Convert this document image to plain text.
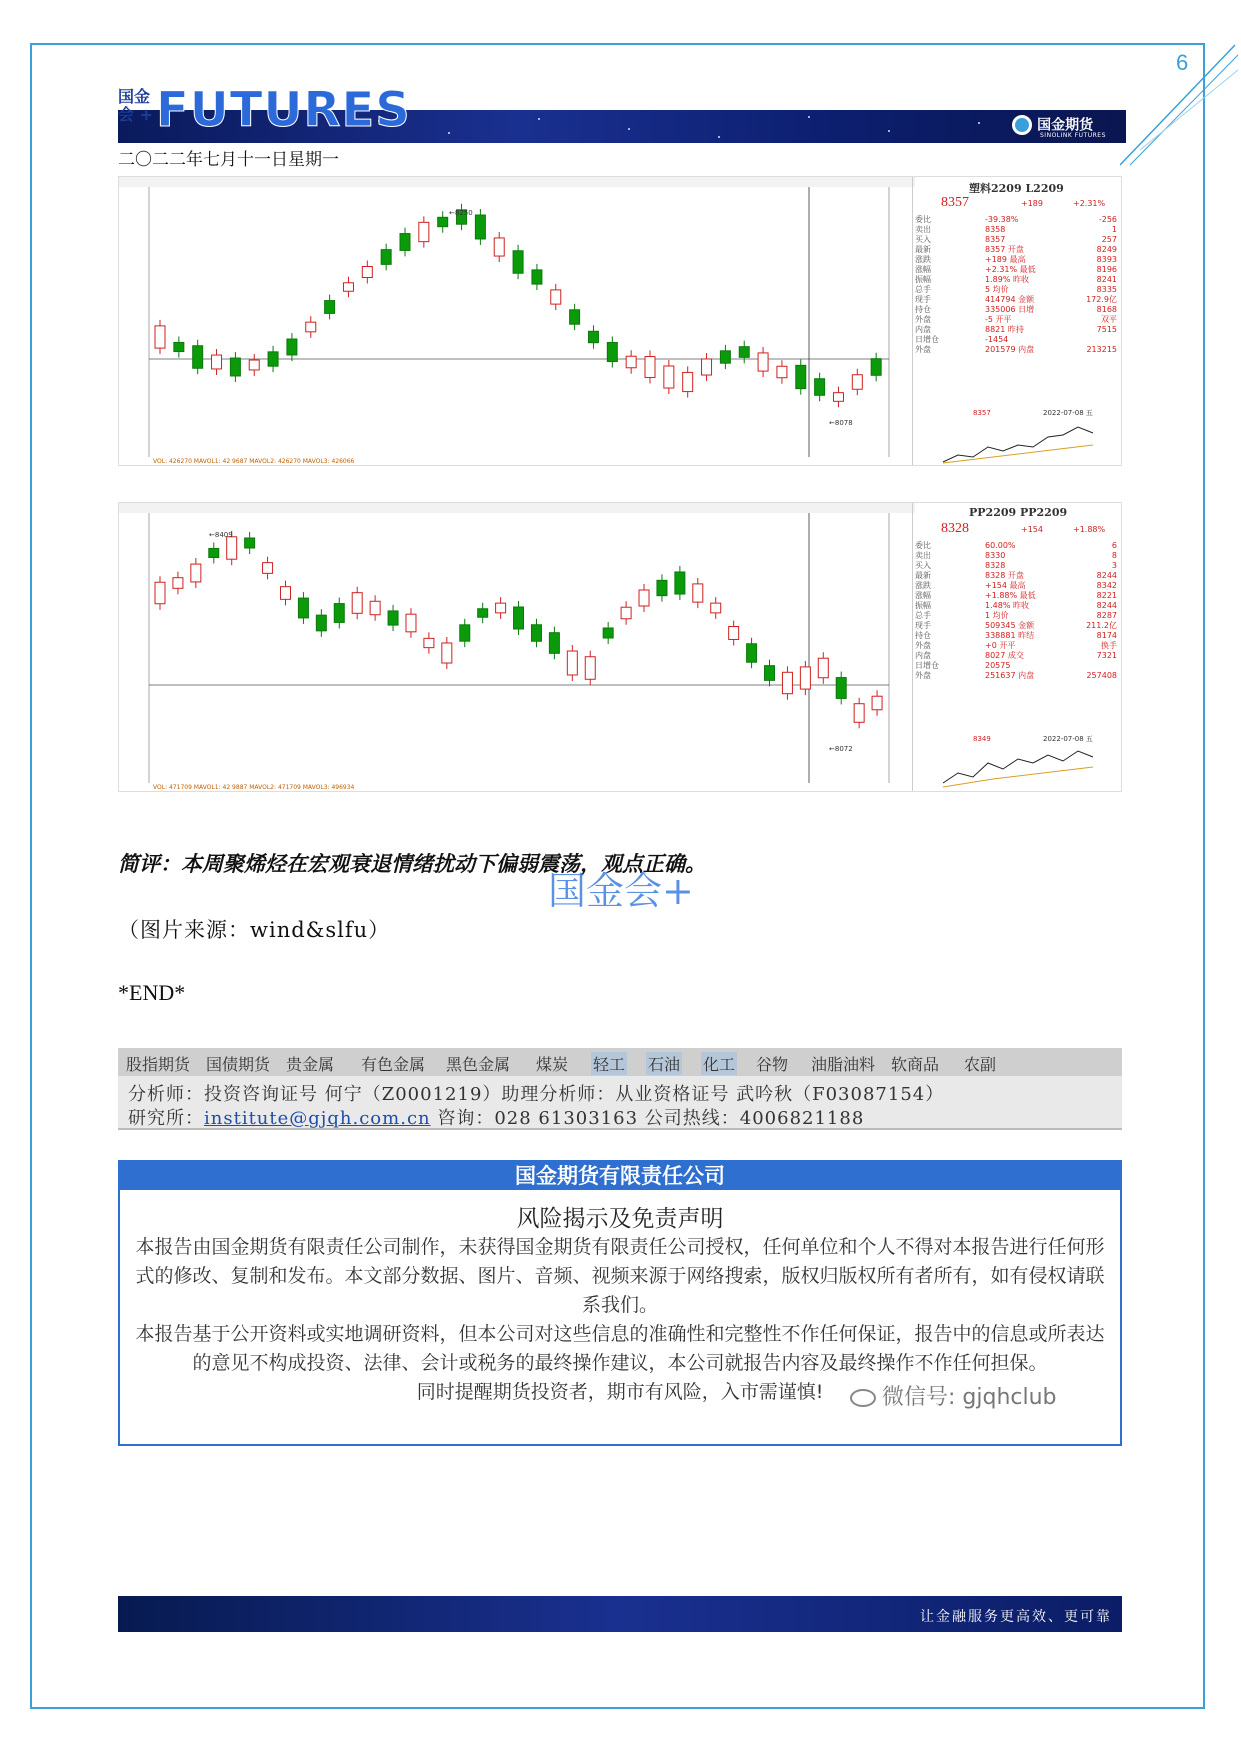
6
国金
会 + FUTURES	国金期货
SINOLINK FUTURES
二〇二二年七月十一日星期一
←8250
←8078
VOL: 426270 MAVOL1: 42 9687 MAVOL2: 426270 MAVOL3: 426066
塑料2209 L2209
8357	+189	+2.31%
委比	-39.38%	-256
卖出	8358	1
买入	8357	257
最新	8357 开盘	8249
涨跌	+189 最高	8393
涨幅	+2.31% 最低	8196
振幅	1.89% 昨收	8241
总手	5 均价	8335
现手	414794 金额	172.9亿
持仓	335006 日增	8168
外盘	-5 开平	双平
内盘	8821 昨持	7515
日增仓	-1454
外盘	201579 内盘	213215
8357	2022-07-08 五
←8409
←8072
VOL: 471709 MAVOL1: 42 9887 MAVOL2: 471709 MAVOL3: 496934
PP2209 PP2209
8328	+154	+1.88%
委比	60.00%	6
卖出	8330	8
买入	8328	3
最新	8328 开盘	8244
涨跌	+154 最高	8342
涨幅	+1.88% 最低	8221
振幅	1.48% 昨收	8244
总手	1 均价	8287
现手	509345 金额	211.2亿
持仓	338881 昨结	8174
外盘	+0 开平	换手
内盘	8027 成交	7321
日增仓	20575
外盘	251637 内盘	257408
8349	2022-07-08 五
简评：本周聚烯烃在宏观衰退情绪扰动下偏弱震荡，观点正确。
国金会+
（图片来源：wind&slfu）
*END*
股指期货 国债期货 贵金属 有色金属 黑色金属 煤炭 轻工 石油 化工 谷物 油脂油料 软商品 农副
分析师：投资咨询证号 何宁（Z0001219）助理分析师：从业资格证号 武吟秋（F03087154）
研究所：institute@gjqh.com.cn 咨询：028 61303163 公司热线：4006821188
国金期货有限责任公司
风险揭示及免责声明
本报告由国金期货有限责任公司制作，未获得国金期货有限责任公司授权，任何单位和个人不得对本报告进行任何形式的修改、复制和发布。本文部分数据、图片、音频、视频来源于网络搜索，版权归版权所有者所有，如有侵权请联系我们。
本报告基于公开资料或实地调研资料，但本公司对这些信息的准确性和完整性不作任何保证，报告中的信息或所表达的意见不构成投资、法律、会计或税务的最终操作建议，本公司就报告内容及最终操作不作任何担保。
同时提醒期货投资者，期市有风险，入市需谨慎!	微信号: gjqhclub
让金融服务更高效、更可靠
